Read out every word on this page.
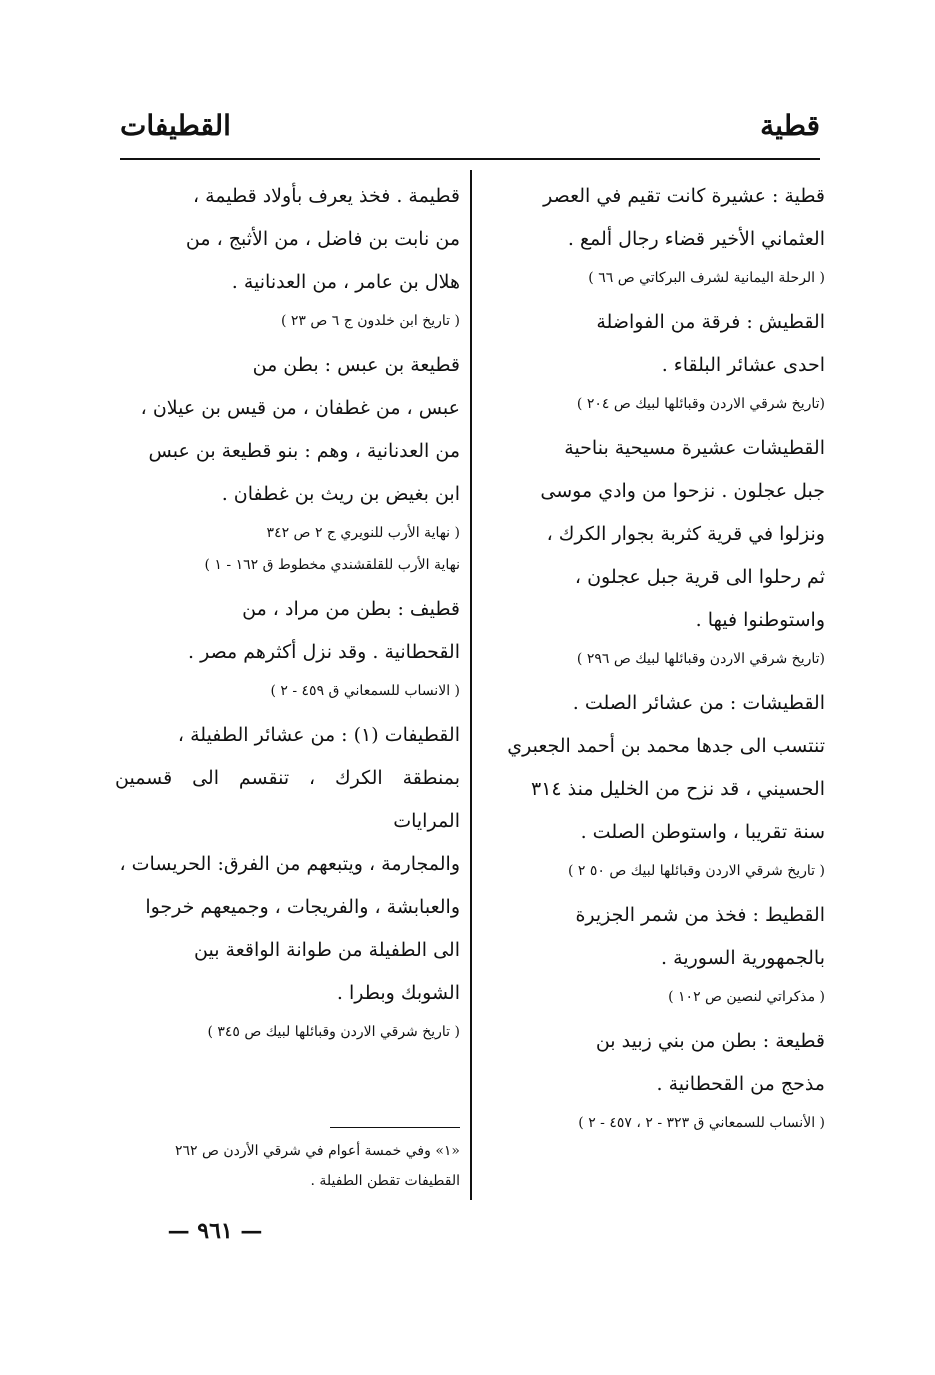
قطية
القطيفات

قطية : عشيرة كانت تقيم في العصر

العثماني الأخير قضاء رجال ألمع .

( الرحلة اليمانية لشرف البركاتي ص ٦٦ )

القطيش : فرقة من الفواضلة

احدى عشائر البلقاء .

(تاريخ شرقي الاردن وقبائلها لبيك ص ٢٠٤ )

القطيشات عشيرة مسيحية بناحية

جبل عجلون . نزحوا من وادي موسى

ونزلوا في قرية كثربة بجوار الكرك ،

ثم رحلوا الى قرية جبل عجلون ،

واستوطنوا فيها .

(تاريخ شرقي الاردن وقبائلها لبيك ص ٢٩٦ )

القطيشات : من عشائر الصلت .

تنتسب الى جدها محمد بن أحمد الجعبري

الحسيني ، قد نزح من الخليل منذ ٣١٤

سنة تقريبا ، واستوطن الصلت .

( تاريخ شرقي الاردن وقبائلها لبيك ص ٥٠ ٢ )

القطيط : فخذ من شمر الجزيرة

بالجمهورية السورية .

( مذكراتي لنصين ص ١٠٢ )

قطيعة : بطن من بني زبيد بن

مذحج من القحطانية .

( الأنساب للسمعاني ق ٣٢٣ - ٢ ، ٤٥٧ - ٢ )

قطيمة . فخذ يعرف بأولاد قطيمة ،

من نابت بن فاضل ، من الأثبج ، من

هلال بن عامر ، من العدنانية .

( تاريخ ابن خلدون ج ٦ ص ٢٣ )

قطيعة بن عبس : بطن من

عبس ، من غطفان ، من قيس بن عيلان ،

من العدنانية ، وهم : بنو قطيعة بن عبس

ابن بغيض بن ريث بن غطفان .

( نهاية الأرب للنويري ج ٢ ص ٣٤٢

نهاية الأرب للقلقشندي مخطوط ق ١٦٢ - ١ )

قطيف : بطن من مراد ، من

القحطانية . وقد نزل أكثرهم مصر .

( الانساب للسمعاني ق ٤٥٩ - ٢ )

القطيفات (١) : من عشائر الطفيلة ،

بمنطقة الكرك ، تنقسم الى قسمين المرايات

والمجارمة ، ويتبعهم من الفرق: الحريسات ،

والعبابشة ، والفريجات ، وجميعهم خرجوا

الى الطفيلة من طوانة الواقعة بين

الشوبك وبطرا .

( تاريخ شرقي الاردن وقبائلها لبيك ص ٣٤٥ )

«١» وفي خمسة أعوام في شرقي الأردن ص ٢٦٢

القطيفات تقطن الطفيلة .

— ٩٦١ —
